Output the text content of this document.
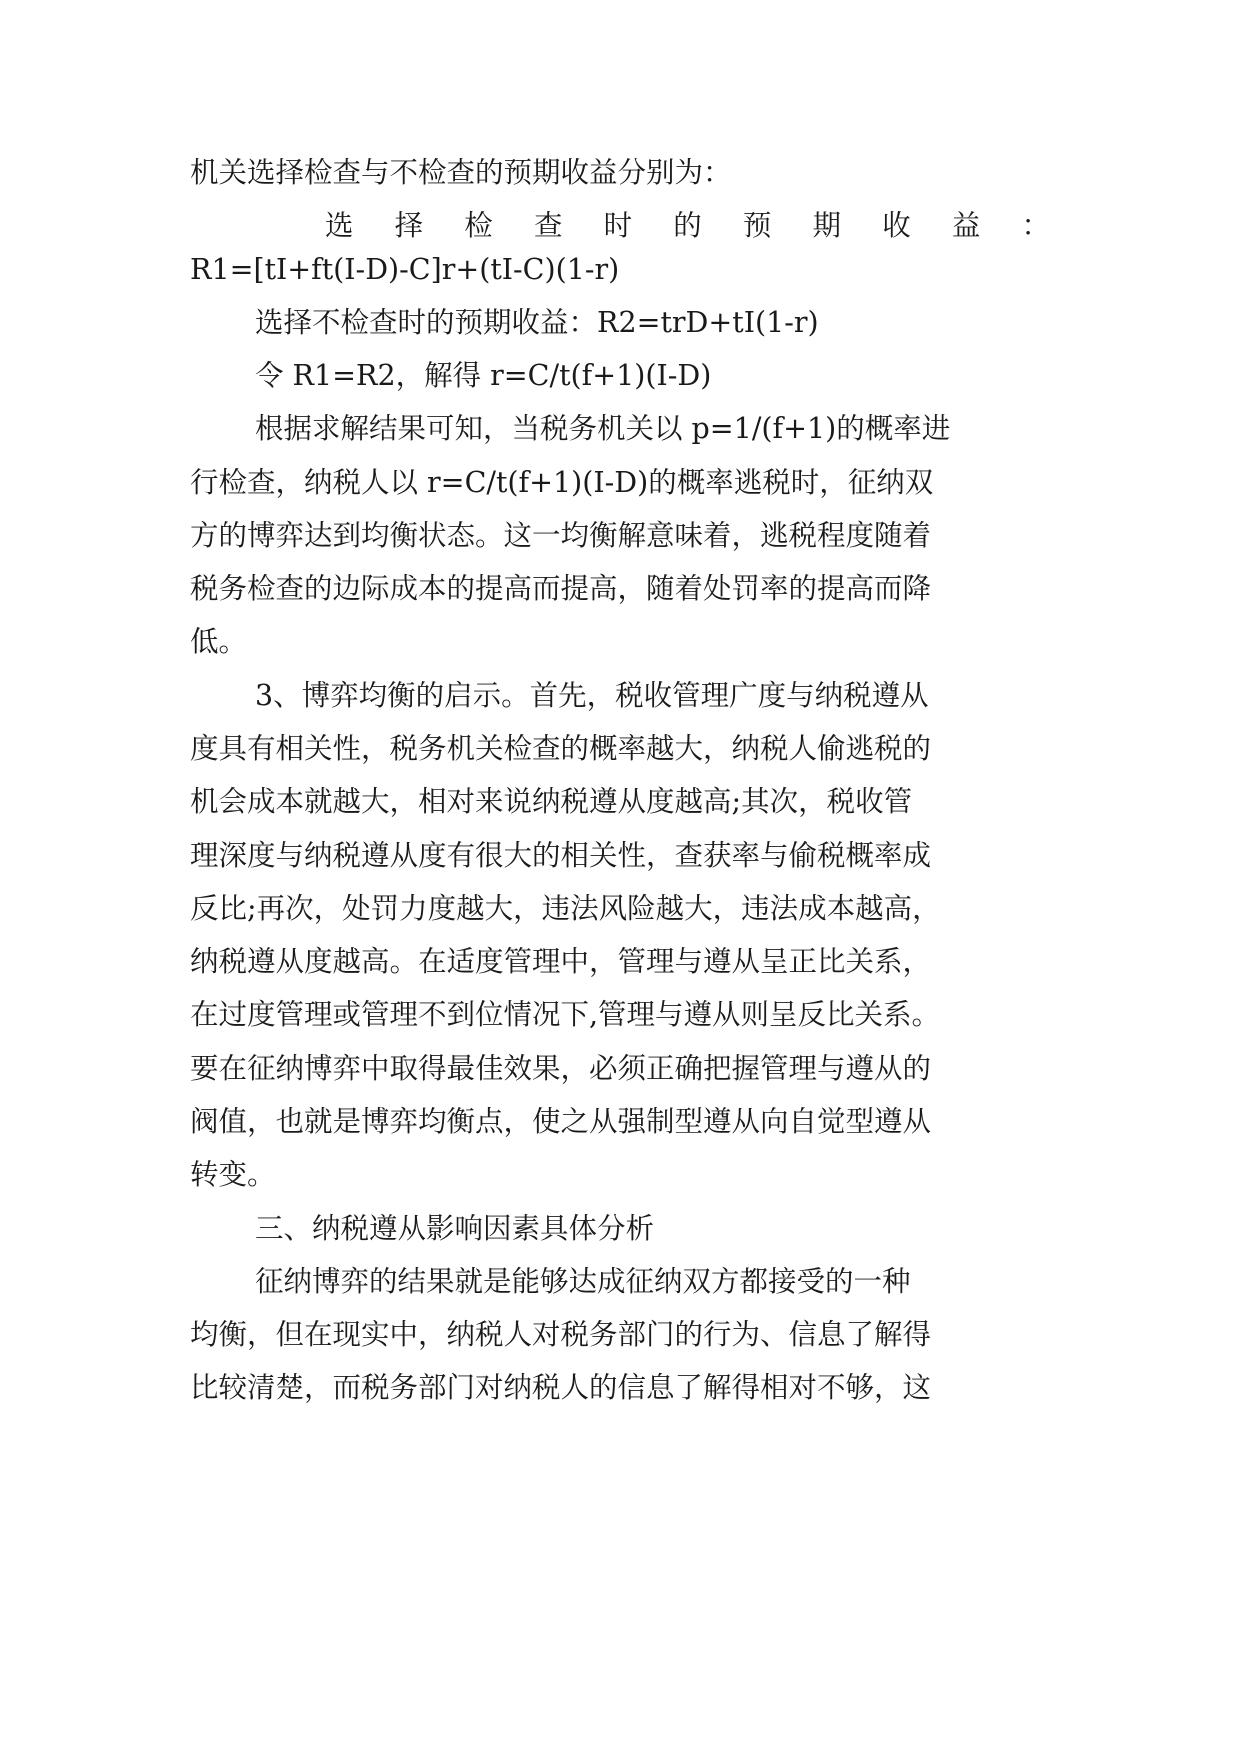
机关选择检查与不检查的预期收益分别为：
选择检查时的预期收益：
R1=[tI+ft(I-D)-C]r+(tI-C)(1-r)
选择不检查时的预期收益：R2=trD+tI(1-r)
令 R1=R2，解得 r=C/t(f+1)(I-D)
根据求解结果可知，当税务机关以 p=1/(f+1)的概率进
行检查，纳税人以 r=C/t(f+1)(I-D)的概率逃税时，征纳双
方的博弈达到均衡状态。这一均衡解意味着，逃税程度随着
税务检查的边际成本的提高而提高，随着处罚率的提高而降
低。
3、博弈均衡的启示。首先，税收管理广度与纳税遵从
度具有相关性，税务机关检查的概率越大，纳税人偷逃税的
机会成本就越大，相对来说纳税遵从度越高;其次，税收管
理深度与纳税遵从度有很大的相关性，查获率与偷税概率成
反比;再次，处罚力度越大，违法风险越大，违法成本越高，
纳税遵从度越高。在适度管理中，管理与遵从呈正比关系，
在过度管理或管理不到位情况下,管理与遵从则呈反比关系。
要在征纳博弈中取得最佳效果，必须正确把握管理与遵从的
阀值，也就是博弈均衡点，使之从强制型遵从向自觉型遵从
转变。
三、纳税遵从影响因素具体分析
征纳博弈的结果就是能够达成征纳双方都接受的一种
均衡，但在现实中，纳税人对税务部门的行为、信息了解得
比较清楚，而税务部门对纳税人的信息了解得相对不够，这
